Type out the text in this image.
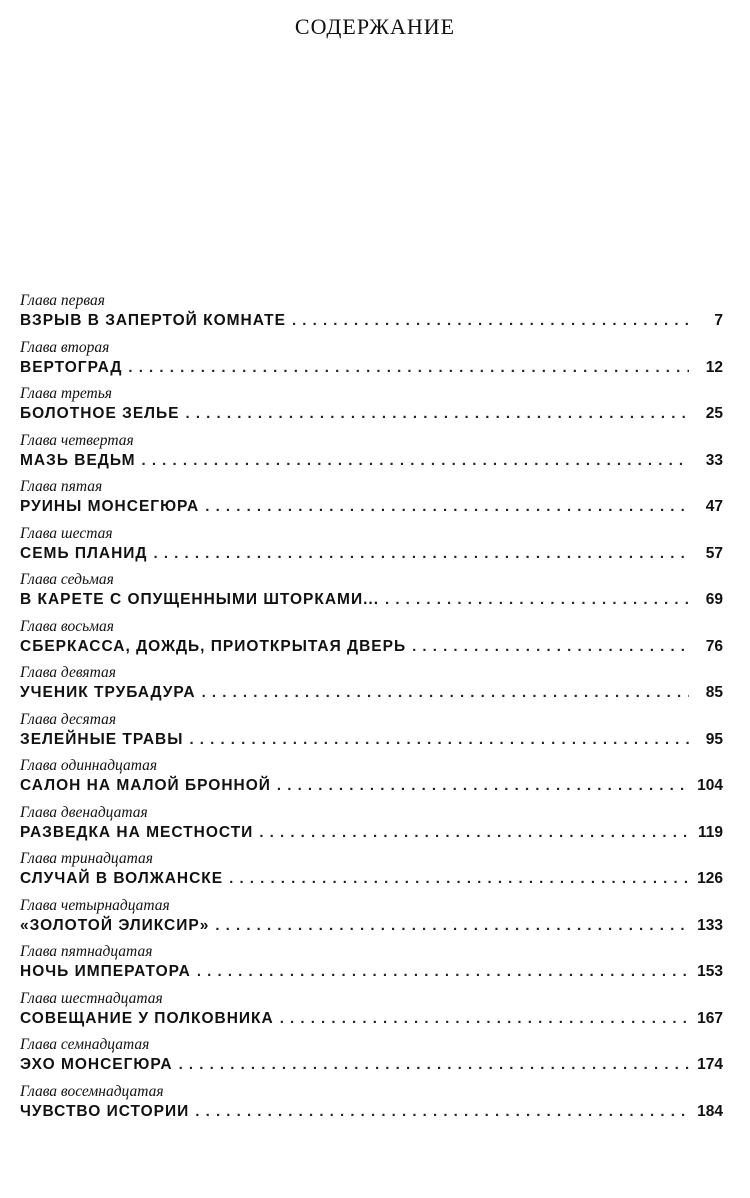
СОДЕРЖАНИЕ
Глава первая
ВЗРЫВ В ЗАПЕРТОЙ КОМНАТЕ . . .	7
Глава вторая
ВЕРТОГРАД . . .	12
Глава третья
БОЛОТНОЕ ЗЕЛЬЕ . . .	25
Глава четвертая
МАЗЬ ВЕДЬМ . . .	33
Глава пятая
РУИНЫ МОНСЕГЮРА . . .	47
Глава шестая
СЕМЬ ПЛАНИД . . .	57
Глава седьмая
В КАРЕТЕ С ОПУЩЕННЫМИ ШТОРКАМИ... . . .	69
Глава восьмая
СБЕРКАССА, ДОЖДЬ, ПРИОТКРЫТАЯ ДВЕРЬ . . .	76
Глава девятая
УЧЕНИК ТРУБАДУРА . . .	85
Глава десятая
ЗЕЛЕЙНЫЕ ТРАВЫ . . .	95
Глава одиннадцатая
САЛОН НА МАЛОЙ БРОННОЙ . . .	104
Глава двенадцатая
РАЗВЕДКА НА МЕСТНОСТИ . . .	119
Глава тринадцатая
СЛУЧАЙ В ВОЛЖАНСКЕ . . .	126
Глава четырнадцатая
«ЗОЛОТОЙ ЭЛИКСИР» . . .	133
Глава пятнадцатая
НОЧЬ ИМПЕРАТОРА . . .	153
Глава шестнадцатая
СОВЕЩАНИЕ У ПОЛКОВНИКА . . .	167
Глава семнадцатая
ЭХО МОНСЕГЮРА . . .	174
Глава восемнадцатая
ЧУВСТВО ИСТОРИИ . . .	184
